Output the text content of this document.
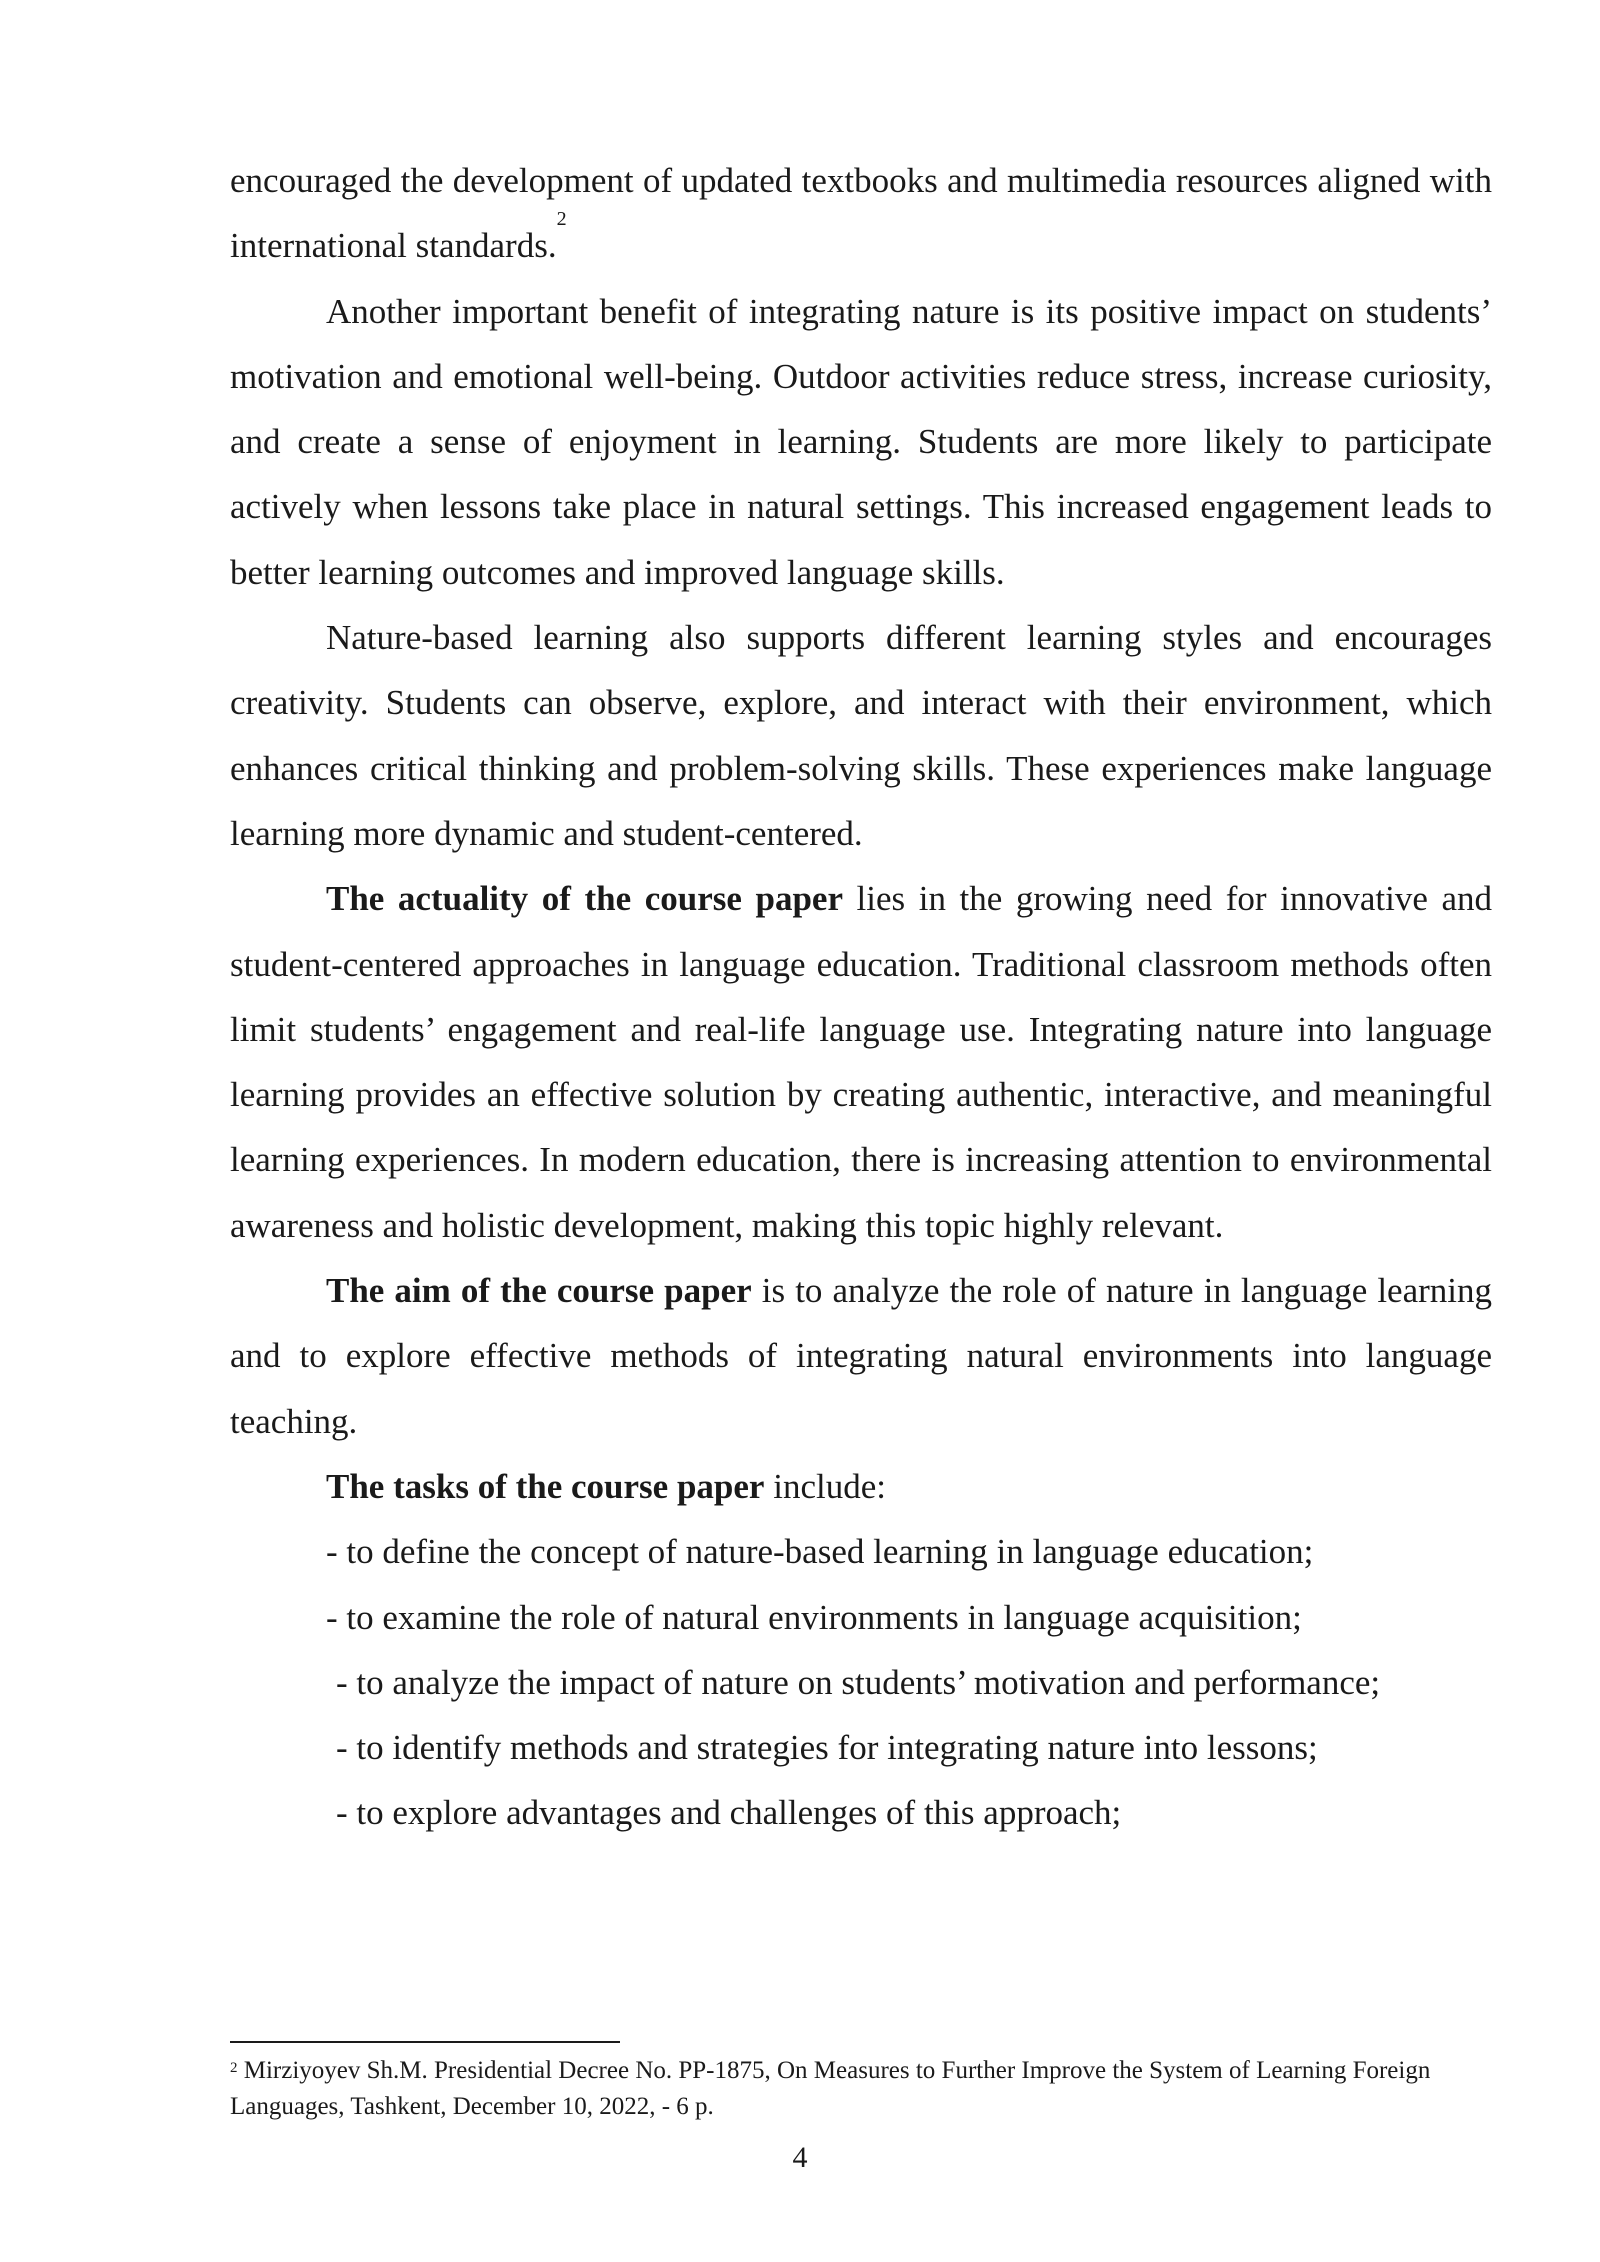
encouraged the development of updated textbooks and multimedia resources aligned with international standards.$^2$

Another important benefit of integrating nature is its positive impact on students’ motivation and emotional well-being. Outdoor activities reduce stress, increase curiosity, and create a sense of enjoyment in learning. Students are more likely to participate actively when lessons take place in natural settings. This increased engagement leads to better learning outcomes and improved language skills.

Nature-based learning also supports different learning styles and encourages creativity. Students can observe, explore, and interact with their environment, which enhances critical thinking and problem-solving skills. These experiences make language learning more dynamic and student-centered.

The actuality of the course paper lies in the growing need for innovative and student-centered approaches in language education. Traditional classroom methods often limit students’ engagement and real-life language use. Integrating nature into language learning provides an effective solution by creating authentic, interactive, and meaningful learning experiences. In modern education, there is increasing attention to environmental awareness and holistic development, making this topic highly relevant.

The aim of the course paper is to analyze the role of nature in language learning and to explore effective methods of integrating natural environments into language teaching.

The tasks of the course paper include:

- to define the concept of nature-based learning in language education;

- to examine the role of natural environments in language acquisition;

- to analyze the impact of nature on students’ motivation and performance;

- to identify methods and strategies for integrating nature into lessons;

- to explore advantages and challenges of this approach;

$^2$ Mirziyoyev Sh.M. Presidential Decree No. PP-1875, On Measures to Further Improve the System of Learning Foreign Languages, Tashkent, December 10, 2022, - 6 p.
4
